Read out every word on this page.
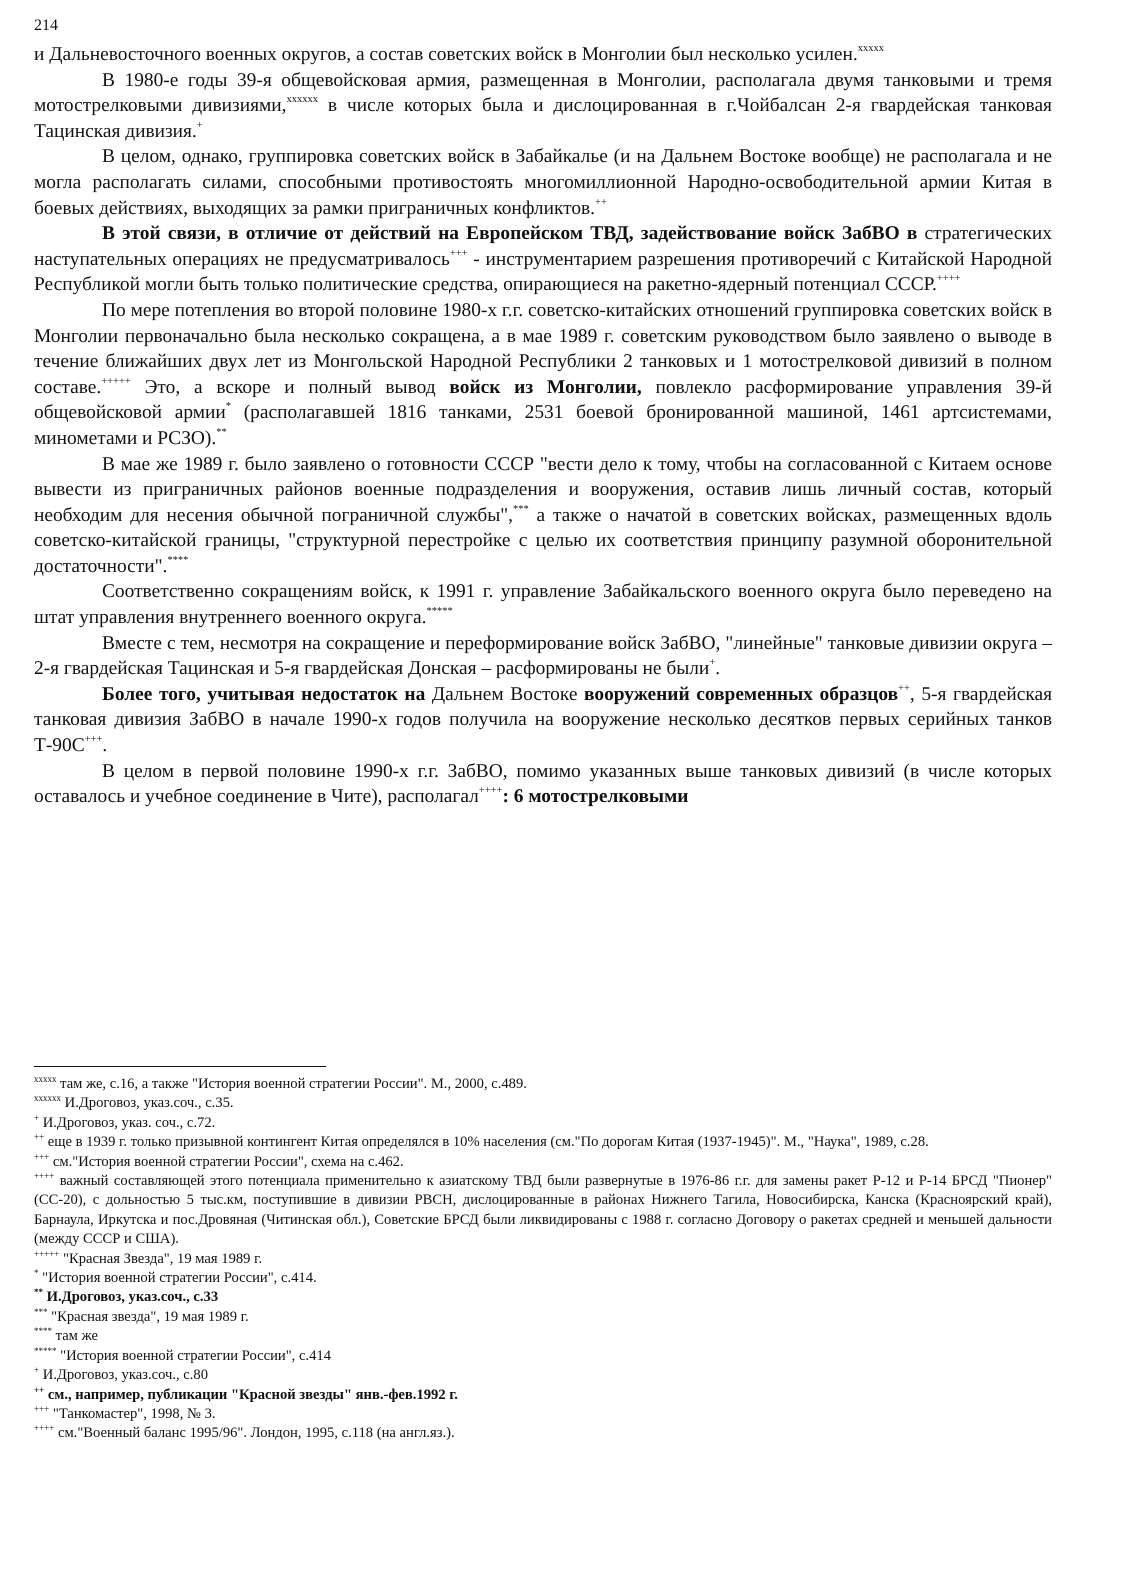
214

и Дальневосточного военных округов, а состав советских войск в Монголии был несколько усилен.$^{xxxxx}$

В 1980-е годы 39-я общевойсковая армия, размещенная в Монголии, располагала двумя танковыми и тремя мотострелковыми дивизиями,$^{xxxxxx}$ в числе которых была и дислоцированная в г.Чойбалсан 2-я гвардейская танковая Тацинская дивизия.+

В целом, однако, группировка советских войск в Забайкалье (и на Дальнем Востоке вообще) не располагала и не могла располагать силами, способными противостоять многомиллионной Народно-освободительной армии Китая в боевых действиях, выходящих за рамки приграничных конфликтов.++

В этой связи, в отличие от действий на Европейском ТВД, задействование войск ЗабВО в стратегических наступательных операциях не предусматривалось+++ - инструментарием разрешения противоречий с Китайской Народной Республикой могли быть только политические средства, опирающиеся на ракетно-ядерный потенциал СССР.++++

По мере потепления во второй половине 1980-х г.г. советско-китайских отношений группировка советских войск в Монголии первоначально была несколько сокращена, а в мае 1989 г. советским руководством было заявлено о выводе в течение ближайших двух лет из Монгольской Народной Республики 2 танковых и 1 мотострелковой дивизий в полном составе.+++++ Это, а вскоре и полный вывод войск из Монголии, повлекло расформирование управления 39-й общевойсковой армии* (располагавшей 1816 танками, 2531 боевой бронированной машиной, 1461 артсистемами, минометами и РСЗО).**

В мае же 1989 г. было заявлено о готовности СССР "вести дело к тому, чтобы на согласованной с Китаем основе вывести из приграничных районов военные подразделения и вооружения, оставив лишь личный состав, который необходим для несения обычной пограничной службы",*** а также о начатой в советских войсках, размещенных вдоль советско-китайской границы, "структурной перестройке с целью их соответствия принципу разумной оборонительной достаточности".****

Соответственно сокращениям войск, к 1991 г. управление Забайкальского военного округа было переведено на штат управления внутреннего военного округа.*****

Вместе с тем, несмотря на сокращение и переформирование войск ЗабВО, "линейные" танковые дивизии округа – 2-я гвардейская Тацинская и 5-я гвардейская Донская – расформированы не были+.

Более того, учитывая недостаток на Дальнем Востоке вооружений современных образцов++, 5-я гвардейская танковая дивизия ЗабВО в начале 1990-х годов получила на вооружение несколько десятков первых серийных танков Т-90С+++.

В целом в первой половине 1990-х г.г. ЗабВО, помимо указанных выше танковых дивизий (в числе которых оставалось и учебное соединение в Чите), располагал++++: 6 мотострелковыми

$^{xxxxx}$ там же, с.16, а также "История военной стратегии России". М., 2000, с.489.

$^{xxxxxx}$ И.Дроговоз, указ.соч., с.35.

+ И.Дроговоз, указ. соч., с.72.

++ еще в 1939 г. только призывной контингент Китая определялся в 10% населения (см."По дорогам Китая (1937-1945)". М., "Наука", 1989, с.28.

+++ см."История военной стратегии России", схема на с.462.

++++ важный составляющей этого потенциала применительно к азиатскому ТВД были развернутые в 1976-86 г.г. для замены ракет Р-12 и Р-14 БРСД "Пионер" (СС-20), с дольностью 5 тыс.км, поступившие в дивизии РВСН, дислоцированные в районах Нижнего Тагила, Новосибирска, Канска (Красноярский край), Барнаула, Иркутска и пос.Дровяная (Читинская обл.), Советские БРСД были ликвидированы с 1988 г. согласно Договору о ракетах средней и меньшей дальности (между СССР и США).

+++++ "Красная Звезда", 19 мая 1989 г.

* "История военной стратегии России", с.414.

** И.Дроговоз, указ.соч., с.33

*** "Красная звезда", 19 мая 1989 г.

**** там же

***** "История военной стратегии России", с.414

+ И.Дроговоз, указ.соч., с.80

++ см., например, публикации "Красной звезды" янв.-фев.1992 г.

+++ "Танкомастер", 1998, № 3.

++++ см."Военный баланс 1995/96". Лондон, 1995, с.118 (на англ.яз.).
